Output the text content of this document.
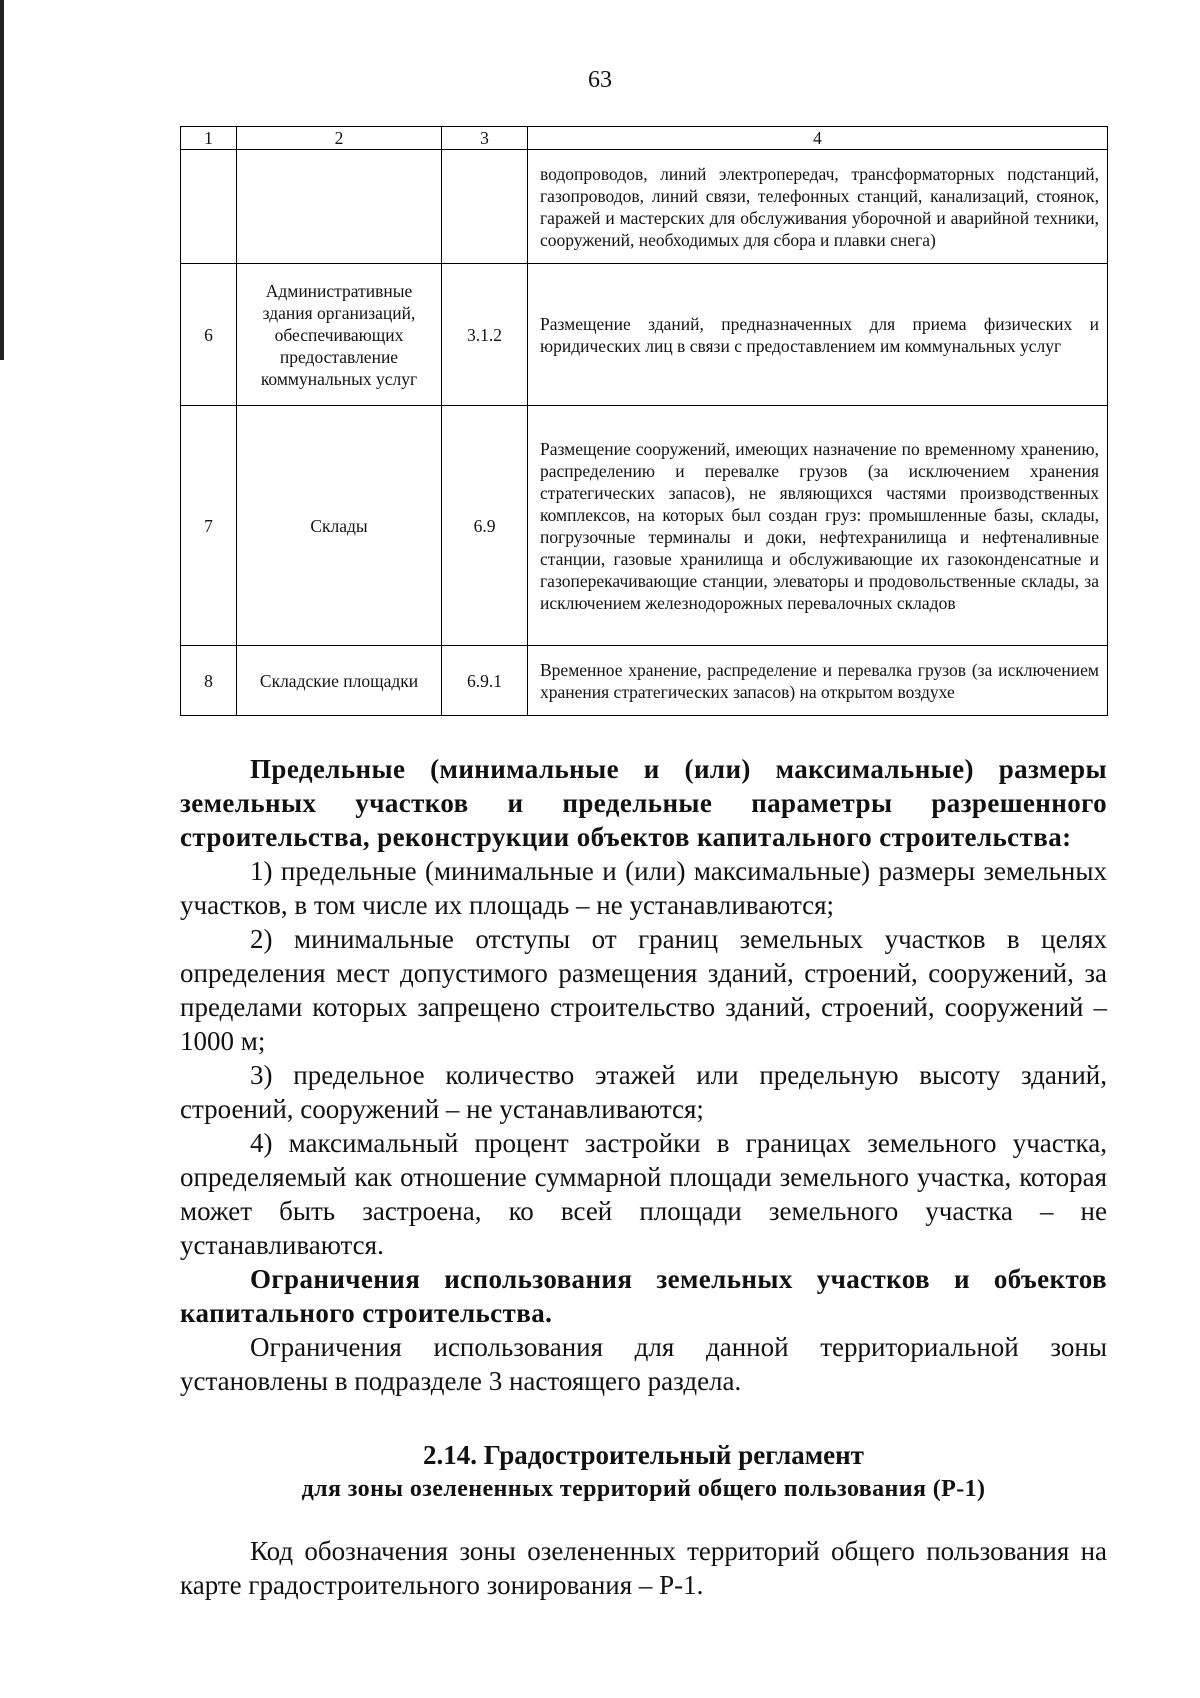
63
1	2	3	4
			водопроводов, линий электропередач, трансформаторных подстанций, газопроводов, линий связи, телефонных станций, канализаций, стоянок, гаражей и мастерских для обслуживания уборочной и аварийной техники, сооружений, необходимых для сбора и плавки снега)
6	Административные здания организаций, обеспечивающих предоставление коммунальных услуг	3.1.2	Размещение зданий, предназначенных для приема физических и юридических лиц в связи с предоставлением им коммунальных услуг
7	Склады	6.9	Размещение сооружений, имеющих назначение по временному хранению, распределению и перевалке грузов (за исключением хранения стратегических запасов), не являющихся частями производственных комплексов, на которых был создан груз: промышленные базы, склады, погрузочные терминалы и доки, нефтехранилища и нефтеналивные станции, газовые хранилища и обслуживающие их газоконденсатные и газоперекачивающие станции, элеваторы и продовольственные склады, за исключением железнодорожных перевалочных складов
8	Складские площадки	6.9.1	Временное хранение, распределение и перевалка грузов (за исключением хранения стратегических запасов) на открытом воздухе

Предельные (минимальные и (или) максимальные) размеры земельных участков и предельные параметры разрешенного строительства, реконструкции объектов капитального строительства:

1) предельные (минимальные и (или) максимальные) размеры земельных участков, в том числе их площадь – не устанавливаются;

2) минимальные отступы от границ земельных участков в целях определения мест допустимого размещения зданий, строений, сооружений, за пределами которых запрещено строительство зданий, строений, сооружений – 1000 м;

3) предельное количество этажей или предельную высоту зданий, строений, сооружений – не устанавливаются;

4) максимальный процент застройки в границах земельного участка, определяемый как отношение суммарной площади земельного участка, которая может быть застроена, ко всей площади земельного участка – не устанавливаются.

Ограничения использования земельных участков и объектов капитального строительства.

Ограничения использования для данной территориальной зоны установлены в подразделе 3 настоящего раздела.

2.14. Градостроительный регламент

для зоны озелененных территорий общего пользования (Р-1)

Код обозначения зоны озелененных территорий общего пользования на карте градостроительного зонирования – Р-1.
